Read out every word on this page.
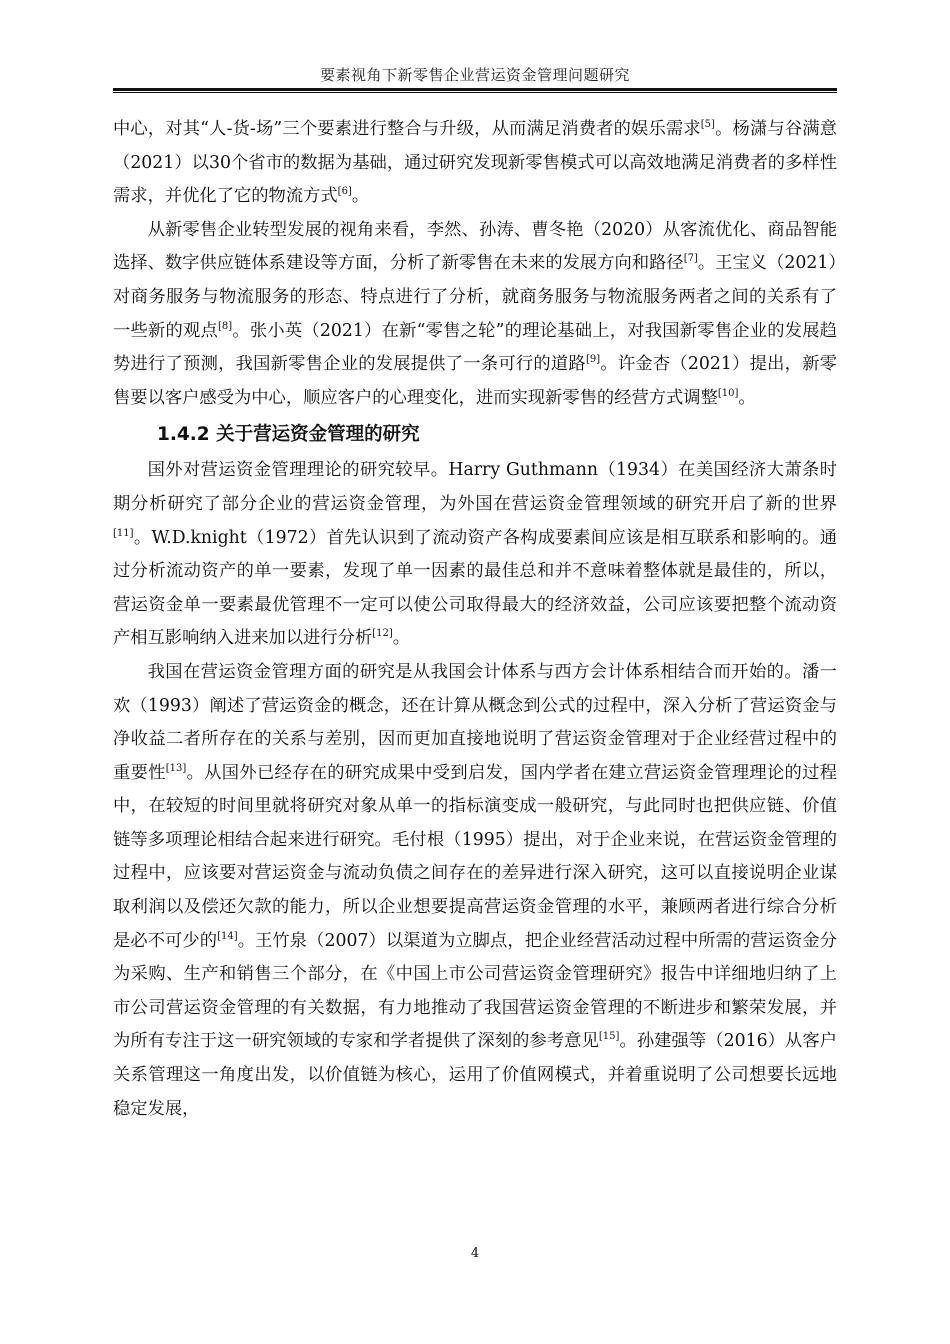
要素视角下新零售企业营运资金管理问题研究

中心，对其“人-货-场”三个要素进行整合与升级，从而满足消费者的娱乐需求[5]。杨潇与谷满意（2021）以30个省市的数据为基础，通过研究发现新零售模式可以高效地满足消费者的多样性需求，并优化了它的物流方式[6]。

从新零售企业转型发展的视角来看，李然、孙涛、曹冬艳（2020）从客流优化、商品智能选择、数字供应链体系建设等方面，分析了新零售在未来的发展方向和路径[7]。王宝义（2021）对商务服务与物流服务的形态、特点进行了分析，就商务服务与物流服务两者之间的关系有了一些新的观点[8]。张小英（2021）在新“零售之轮”的理论基础上，对我国新零售企业的发展趋势进行了预测，我国新零售企业的发展提供了一条可行的道路[9]。许金杏（2021）提出，新零售要以客户感受为中心，顺应客户的心理变化，进而实现新零售的经营方式调整[10]。

1.4.2 关于营运资金管理的研究

国外对营运资金管理理论的研究较早。Harry Guthmann（1934）在美国经济大萧条时期分析研究了部分企业的营运资金管理，为外国在营运资金管理领域的研究开启了新的世界[11]。W.D.knight（1972）首先认识到了流动资产各构成要素间应该是相互联系和影响的。通过分析流动资产的单一要素，发现了单一因素的最佳总和并不意味着整体就是最佳的，所以，营运资金单一要素最优管理不一定可以使公司取得最大的经济效益，公司应该要把整个流动资产相互影响纳入进来加以进行分析[12]。

我国在营运资金管理方面的研究是从我国会计体系与西方会计体系相结合而开始的。潘一欢（1993）阐述了营运资金的概念，还在计算从概念到公式的过程中，深入分析了营运资金与净收益二者所存在的关系与差别，因而更加直接地说明了营运资金管理对于企业经营过程中的重要性[13]。从国外已经存在的研究成果中受到启发，国内学者在建立营运资金管理理论的过程中，在较短的时间里就将研究对象从单一的指标演变成一般研究，与此同时也把供应链、价值链等多项理论相结合起来进行研究。毛付根（1995）提出，对于企业来说，在营运资金管理的过程中，应该要对营运资金与流动负债之间存在的差异进行深入研究，这可以直接说明企业谋取利润以及偿还欠款的能力，所以企业想要提高营运资金管理的水平，兼顾两者进行综合分析是必不可少的[14]。王竹泉（2007）以渠道为立脚点，把企业经营活动过程中所需的营运资金分为采购、生产和销售三个部分，在《中国上市公司营运资金管理研究》报告中详细地归纳了上市公司营运资金管理的有关数据，有力地推动了我国营运资金管理的不断进步和繁荣发展，并为所有专注于这一研究领域的专家和学者提供了深刻的参考意见[15]。孙建强等（2016）从客户关系管理这一角度出发，以价值链为核心，运用了价值网模式，并着重说明了公司想要长远地稳定发展，

4
